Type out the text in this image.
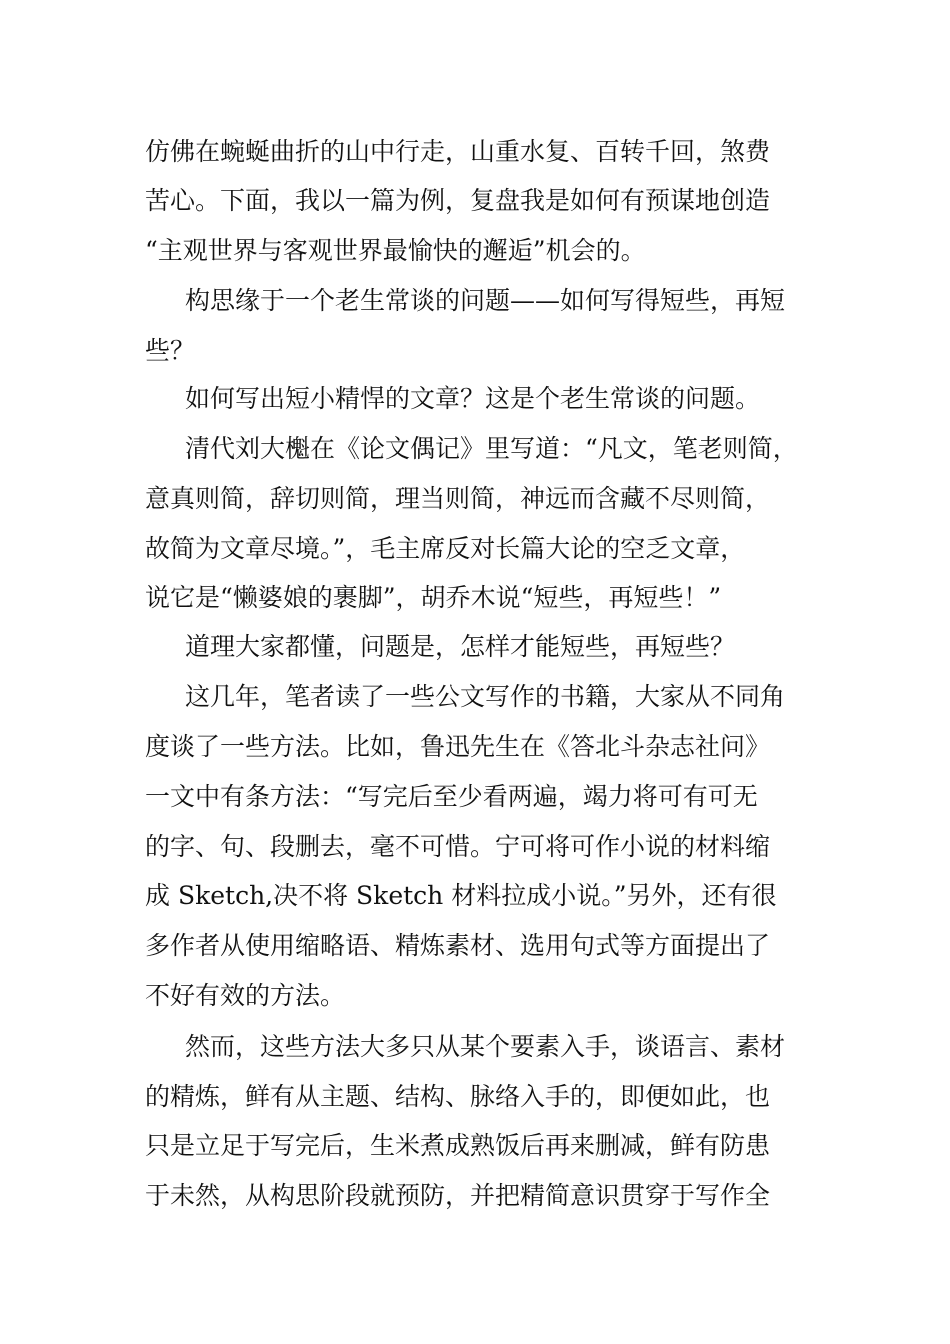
仿佛在蜿蜒曲折的山中行走，山重水复、百转千回，煞费

苦心。下面，我以一篇为例，复盘我是如何有预谋地创造

“主观世界与客观世界最愉快的邂逅”机会的。

构思缘于一个老生常谈的问题——如何写得短些，再短

些？

如何写出短小精悍的文章？这是个老生常谈的问题。

清代刘大櫆在《论文偶记》里写道：“凡文，笔老则简，

意真则简，辞切则简，理当则简，神远而含藏不尽则简，

故简为文章尽境。”，毛主席反对长篇大论的空乏文章，

说它是“懒婆娘的裹脚”，胡乔木说“短些，再短些！”

道理大家都懂，问题是，怎样才能短些，再短些？

这几年，笔者读了一些公文写作的书籍，大家从不同角

度谈了一些方法。比如，鲁迅先生在《答北斗杂志社问》

一文中有条方法：“写完后至少看两遍，竭力将可有可无

的字、句、段删去，毫不可惜。宁可将可作小说的材料缩

成 Sketch,决不将 Sketch 材料拉成小说。”另外，还有很

多作者从使用缩略语、精炼素材、选用句式等方面提出了

不好有效的方法。

然而，这些方法大多只从某个要素入手，谈语言、素材

的精炼，鲜有从主题、结构、脉络入手的，即便如此，也

只是立足于写完后，生米煮成熟饭后再来删减，鲜有防患

于未然，从构思阶段就预防，并把精简意识贯穿于写作全
